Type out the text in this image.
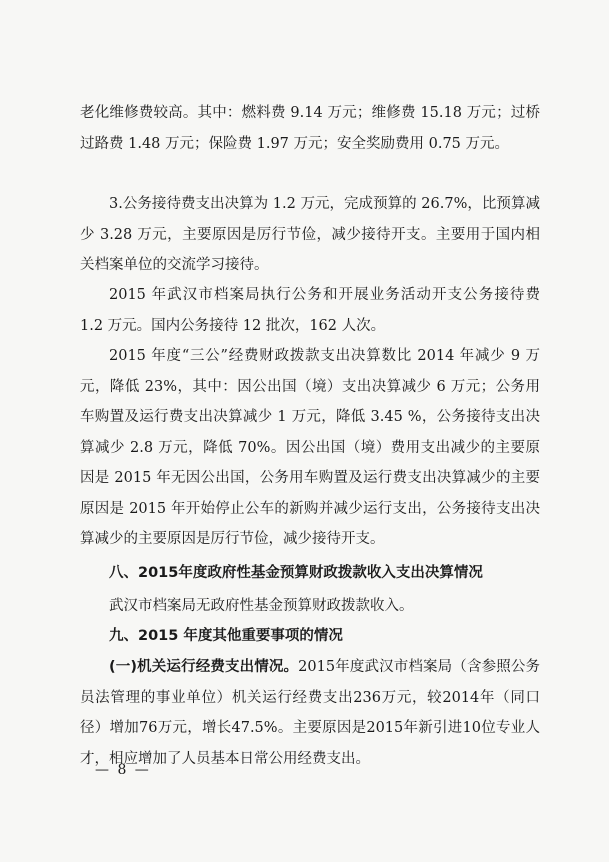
老化维修费较高。其中：燃料费 9.14 万元；维修费 15.18 万元；过桥过路费 1.48 万元；保险费 1.97 万元；安全奖励费用 0.75 万元。

3.公务接待费支出决算为 1.2 万元，完成预算的 26.7%，比预算减少 3.28 万元，主要原因是厉行节俭，减少接待开支。主要用于国内相关档案单位的交流学习接待。

2015 年武汉市档案局执行公务和开展业务活动开支公务接待费 1.2 万元。国内公务接待 12 批次，162 人次。

2015 年度“三公”经费财政拨款支出决算数比 2014 年减少 9 万元，降低 23%，其中：因公出国（境）支出决算减少 6 万元；公务用车购置及运行费支出决算减少 1 万元，降低 3.45 %，公务接待支出决算减少 2.8 万元，降低 70%。因公出国（境）费用支出减少的主要原因是 2015 年无因公出国，公务用车购置及运行费支出决算减少的主要原因是 2015 年开始停止公车的新购并减少运行支出，公务接待支出决算减少的主要原因是厉行节俭，减少接待开支。

八、2015年度政府性基金预算财政拨款收入支出决算情况

武汉市档案局无政府性基金预算财政拨款收入。

九、2015 年度其他重要事项的情况

(一)机关运行经费支出情况。2015年度武汉市档案局（含参照公务员法管理的事业单位）机关运行经费支出236万元，较2014年（同口径）增加76万元，增长47.5%。主要原因是2015年新引进10位专业人才，相应增加了人员基本日常公用经费支出。

— 8 —
